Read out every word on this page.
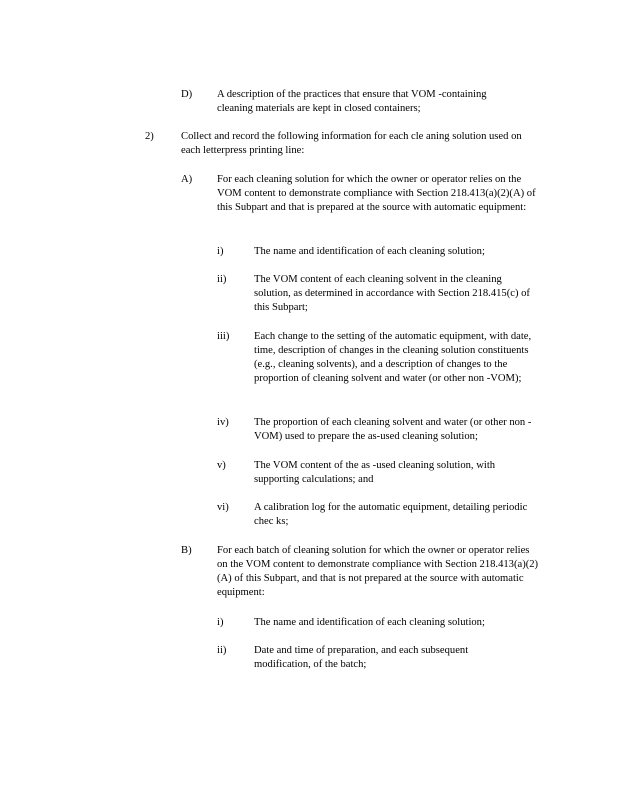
D) A description of the practices that ensure that VOM -containing cleaning materials are kept in closed containers;
2)	Collect and record the following information for each cle aning solution used on each letterpress printing line:
A) For each cleaning solution for which the owner or operator relies on the VOM content to demonstrate compliance with Section 218.413(a)(2)(A) of this Subpart and that is prepared at the source with automatic equipment:
i)	The name and identification of each cleaning solution;
ii)	The VOM content of each cleaning solvent in the cleaning solution, as determined in accordance with Section 218.415(c) of this Subpart;
iii) Each change to the setting of the automatic equipment, with date, time, description of changes in the cleaning solution constituents (e.g., cleaning solvents), and a description of changes to the proportion of cleaning solvent and water (or other non -VOM);
iv) The proportion of each cleaning solvent and water (or other non -VOM) used to prepare the as-used cleaning solution;
v)	The VOM content of the as -used cleaning solution, with supporting calculations; and
vi) A calibration log for the automatic equipment, detailing periodic chec ks;
B) For each batch of cleaning solution for which the owner or operator relies on the VOM content to demonstrate compliance with Section 218.413(a)(2)(A) of this Subpart, and that is not prepared at the source with automatic equipment:
i)	The name and identification of each cleaning solution;
ii)	Date and time of preparation, and each subsequent modification, of the batch;
